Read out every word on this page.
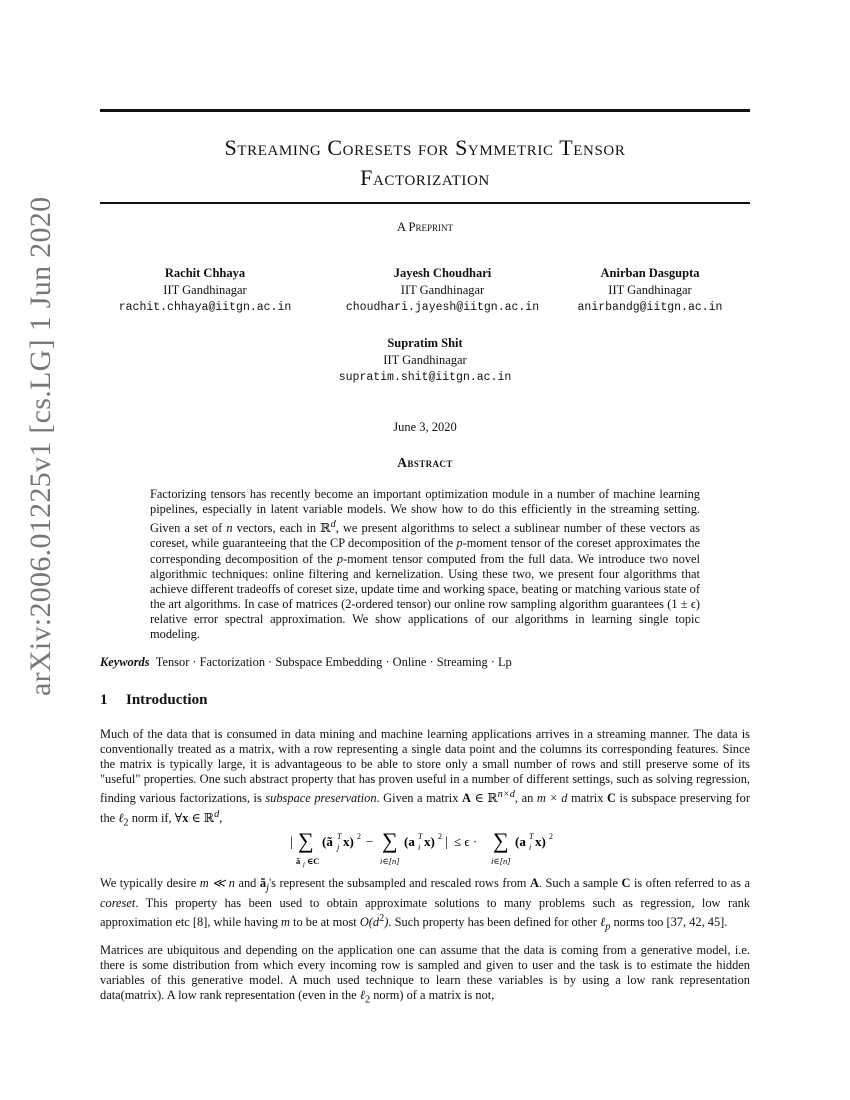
arXiv:2006.01225v1 [cs.LG] 1 Jun 2020
Streaming Coresets for Symmetric Tensor
Factorization
A Preprint
Rachit Chhaya
IIT Gandhinagar
rachit.chhaya@iitgn.ac.in
Jayesh Choudhari
IIT Gandhinagar
choudhari.jayesh@iitgn.ac.in
Anirban Dasgupta
IIT Gandhinagar
anirbandg@iitgn.ac.in
Supratim Shit
IIT Gandhinagar
supratim.shit@iitgn.ac.in
June 3, 2020
Abstract
Factorizing tensors has recently become an important optimization module in a number of machine learning pipelines, especially in latent variable models. We show how to do this efficiently in the streaming setting. Given a set of n vectors, each in ℝ$^d$, we present algorithms to select a sublinear number of these vectors as coreset, while guaranteeing that the CP decomposition of the p-moment tensor of the coreset approximates the corresponding decomposition of the p-moment tensor computed from the full data. We introduce two novel algorithmic techniques: online filtering and kernelization. Using these two, we present four algorithms that achieve different tradeoffs of coreset size, update time and working space, beating or matching various state of the art algorithms. In case of matrices (2-ordered tensor) our online row sampling algorithm guarantees (1 ± ϵ) relative error spectral approximation. We show applications of our algorithms in learning single topic modeling.
Keywords Tensor · Factorization · Subspace Embedding · Online · Streaming · Lp
1 Introduction
Much of the data that is consumed in data mining and machine learning applications arrives in a streaming manner. The data is conventionally treated as a matrix, with a row representing a single data point and the columns its corresponding features. Since the matrix is typically large, it is advantageous to be able to store only a small number of rows and still preserve some of its "useful" properties. One such abstract property that has proven useful in a number of different settings, such as solving regression, finding various factorizations, is subspace preservation. Given a matrix A ∈ ℝ$^{n\times d}$, an m × d matrix C is subspace preserving for the ℓ$_2$ norm if, ∀x ∈ ℝ$^d$,
| ∑
ã j ∈C
(ã j
T x) 2 − ∑
i∈[n]
(a i
T x) 2 | ≤ ϵ · ∑
i∈[n]
(a i
T x) 2
We typically desire m ≪ n and $ã_j's$ represent the subsampled and rescaled rows from A. Such a sample C is often referred to as a coreset. This property has been used to obtain approximate solutions to many problems such as regression, low rank approximation etc [8], while having m to be at most $O(d^2)$. Such property has been defined for other ℓ$_p$ norms too [37, 42, 45].
Matrices are ubiquitous and depending on the application one can assume that the data is coming from a generative model, i.e. there is some distribution from which every incoming row is sampled and given to user and the task is to estimate the hidden variables of this generative model. A much used technique to learn these variables is by using a low rank representation data(matrix). A low rank representation (even in the ℓ$_2$ norm) of a matrix is not,
